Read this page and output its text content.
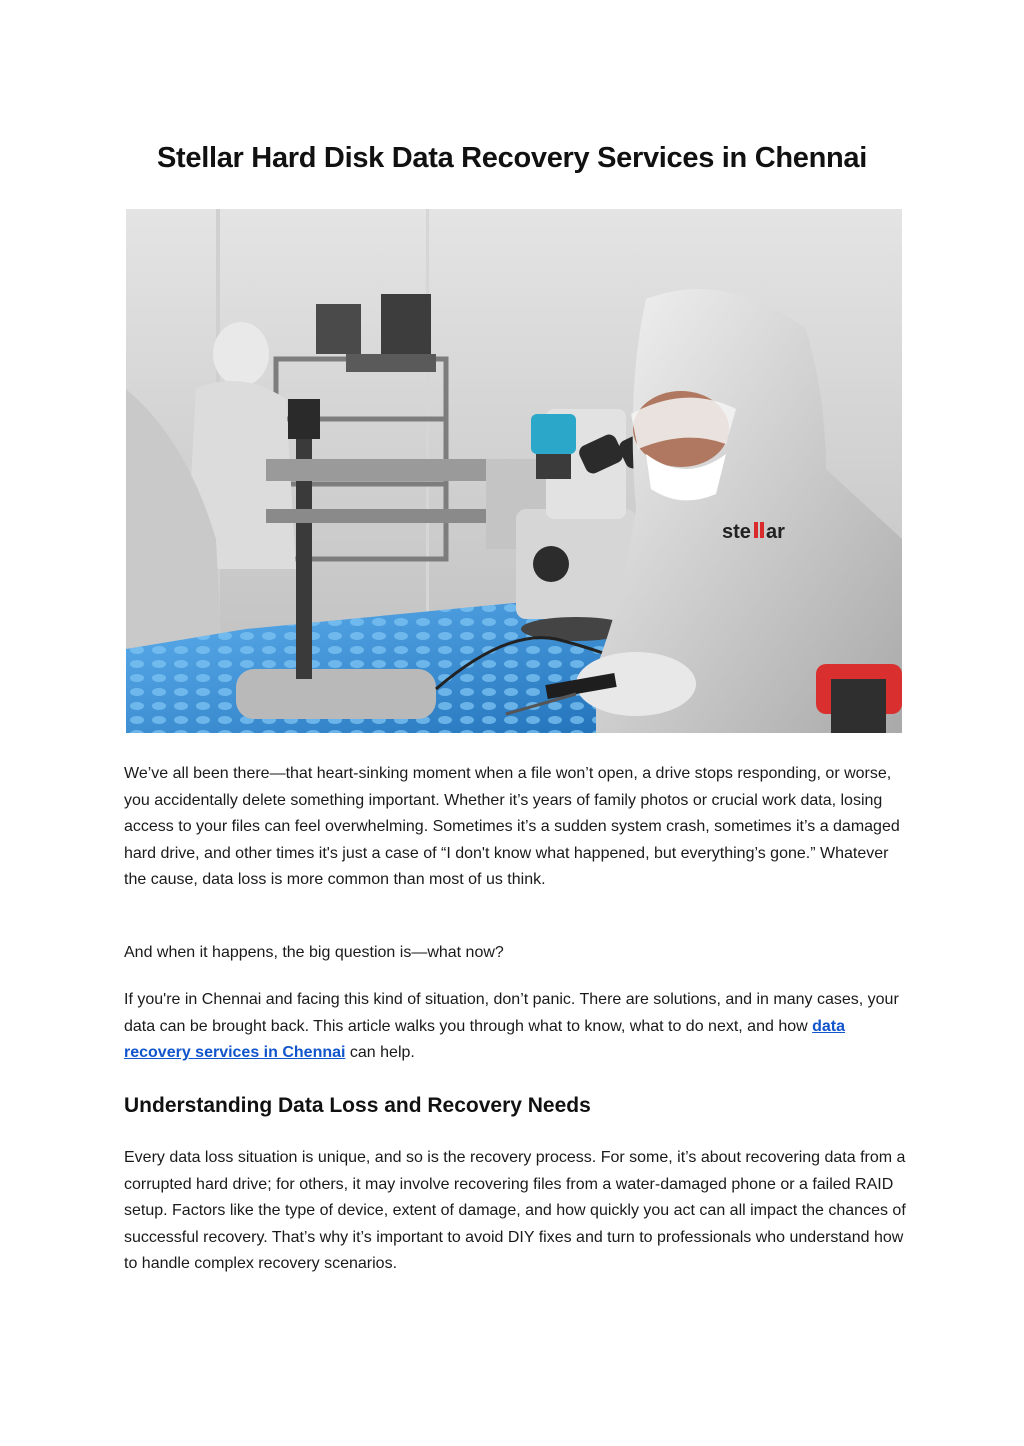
Stellar Hard Disk Data Recovery Services in Chennai
ste ar

We’ve all been there—that heart-sinking moment when a file won’t open, a drive stops responding, or worse, you accidentally delete something important. Whether it’s years of family photos or crucial work data, losing access to your files can feel overwhelming. Sometimes it’s a sudden system crash, sometimes it’s a damaged hard drive, and other times it's just a case of “I don't know what happened, but everything’s gone.” Whatever the cause, data loss is more common than most of us think.

And when it happens, the big question is—what now?

If you're in Chennai and facing this kind of situation, don’t panic. There are solutions, and in many cases, your data can be brought back. This article walks you through what to know, what to do next, and how data recovery services in Chennai can help.

Understanding Data Loss and Recovery Needs

Every data loss situation is unique, and so is the recovery process. For some, it’s about recovering data from a corrupted hard drive; for others, it may involve recovering files from a water-damaged phone or a failed RAID setup. Factors like the type of device, extent of damage, and how quickly you act can all impact the chances of successful recovery. That’s why it’s important to avoid DIY fixes and turn to professionals who understand how to handle complex recovery scenarios.
